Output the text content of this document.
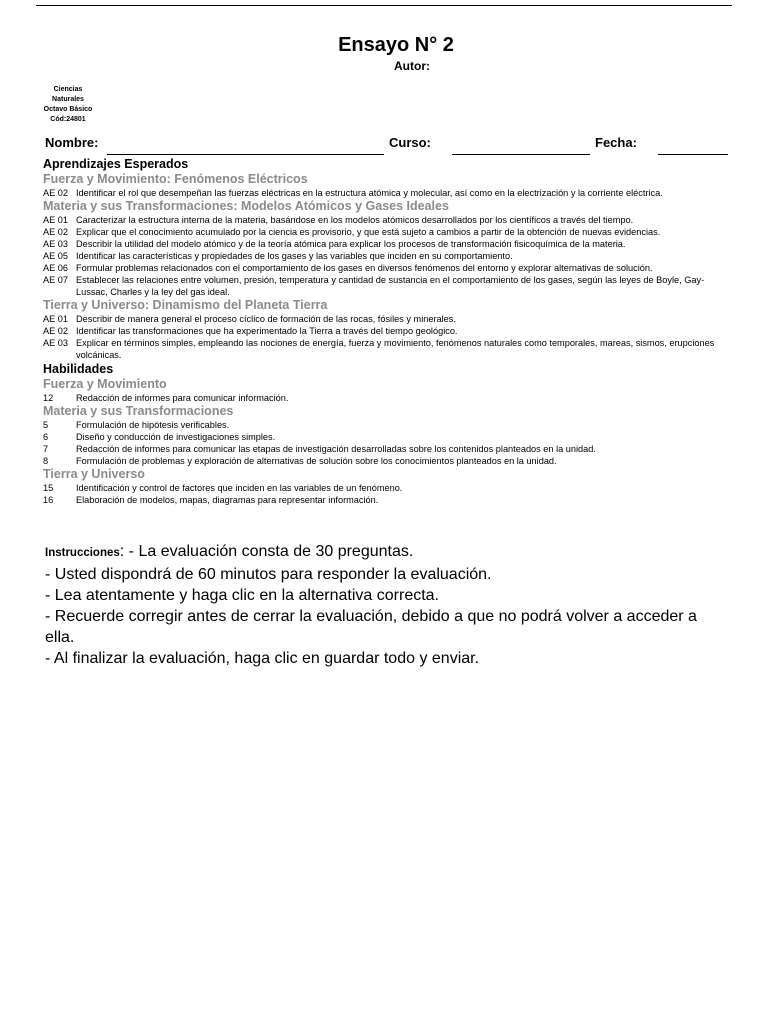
Ensayo N° 2
Autor:
Ciencias
Naturales
Octavo Básico
Cód:24801
Nombre:	Curso:	Fecha:
Aprendizajes Esperados
Fuerza y Movimiento: Fenómenos Eléctricos
AE 02 Identificar el rol que desempeñan las fuerzas eléctricas en la estructura atómica y molecular, así como en la electrización y la corriente eléctrica.
Materia y sus Transformaciones: Modelos Atómicos y Gases Ideales
AE 01 Caracterizar la estructura interna de la materia, basándose en los modelos atómicos desarrollados por los científicos a través del tiempo.
AE 02 Explicar que el conocimiento acumulado por la ciencia es provisorio, y que está sujeto a cambios a partir de la obtención de nuevas evidencias.
AE 03 Describir la utilidad del modelo atómico y de la teoría atómica para explicar los procesos de transformación fisicoquímica de la materia.
AE 05 Identificar las características y propiedades de los gases y las variables que inciden en su comportamiento.
AE 06 Formular problemas relacionados con el comportamiento de los gases en diversos fenómenos del entorno y explorar alternativas de solución.
AE 07 Establecer las relaciones entre volumen, presión, temperatura y cantidad de sustancia en el comportamiento de los gases, según las leyes de Boyle, Gay-Lussac, Charles y la ley del gas ideal.
Tierra y Universo: Dinamismo del Planeta Tierra
AE 01 Describir de manera general el proceso cíclico de formación de las rocas, fósiles y minerales.
AE 02 Identificar las transformaciones que ha experimentado la Tierra a través del tiempo geológico.
AE 03 Explicar en términos simples, empleando las nociones de energía, fuerza y movimiento, fenómenos naturales como temporales, mareas, sismos, erupciones volcánicas.
Habilidades
Fuerza y Movimiento
12	Redacción de informes para comunicar información.
Materia y sus Transformaciones
5	Formulación de hipótesis verificables.
6	Diseño y conducción de investigaciones simples.
7	Redacción de informes para comunicar las etapas de investigación desarrolladas sobre los contenidos planteados en la unidad.
8	Formulación de problemas y exploración de alternativas de solución sobre los conocimientos planteados en la unidad.
Tierra y Universo
15	Identificación y control de factores que inciden en las variables de un fenómeno.
16	Elaboración de modelos, mapas, diagramas para representar información.
Instrucciones: - La evaluación consta de 30 preguntas.
- Usted dispondrá de 60 minutos para responder la evaluación.
- Lea atentamente y haga clic en la alternativa correcta.
- Recuerde corregir antes de cerrar la evaluación, debido a que no podrá volver a acceder a ella.
- Al finalizar la evaluación, haga clic en guardar todo y enviar.
